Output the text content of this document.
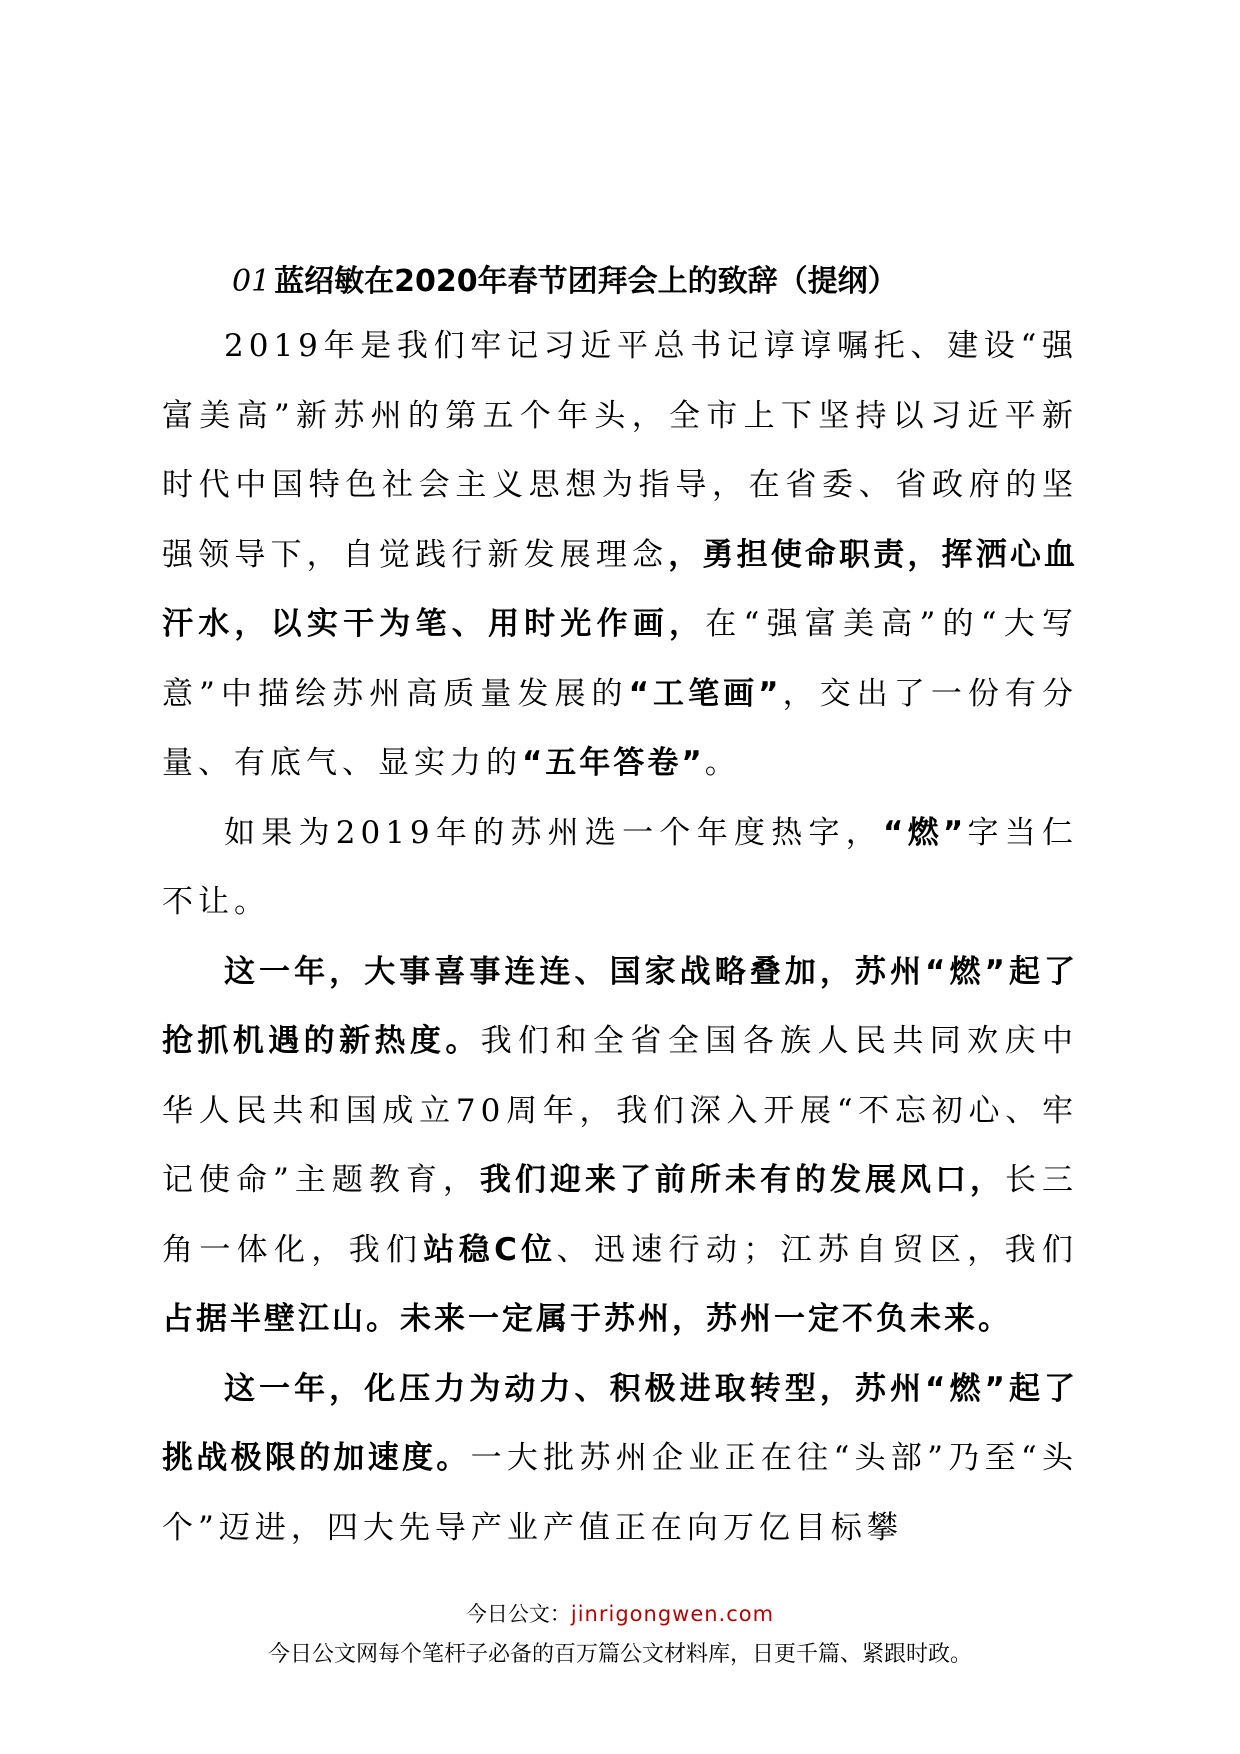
01 蓝绍敏在2020年春节团拜会上的致辞（提纲）

2019年是我们牢记习近平总书记谆谆嘱托、建设“强富美高”新苏州的第五个年头，全市上下坚持以习近平新时代中国特色社会主义思想为指导，在省委、省政府的坚强领导下，自觉践行新发展理念，勇担使命职责，挥洒心血汗水，以实干为笔、用时光作画，在“强富美高”的“大写意”中描绘苏州高质量发展的“工笔画”，交出了一份有分量、有底气、显实力的“五年答卷”。

如果为2019年的苏州选一个年度热字，“燃”字当仁不让。

这一年，大事喜事连连、国家战略叠加，苏州“燃”起了抢抓机遇的新热度。我们和全省全国各族人民共同欢庆中华人民共和国成立70周年，我们深入开展“不忘初心、牢记使命”主题教育，我们迎来了前所未有的发展风口，长三角一体化，我们站稳C位、迅速行动；江苏自贸区，我们占据半壁江山。未来一定属于苏州，苏州一定不负未来。

这一年，化压力为动力、积极进取转型，苏州“燃”起了挑战极限的加速度。一大批苏州企业正在往“头部”乃至“头个”迈进，四大先导产业产值正在向万亿目标攀

今日公文：jinrigongwen.com
今日公文网每个笔杆子必备的百万篇公文材料库，日更千篇、紧跟时政。
